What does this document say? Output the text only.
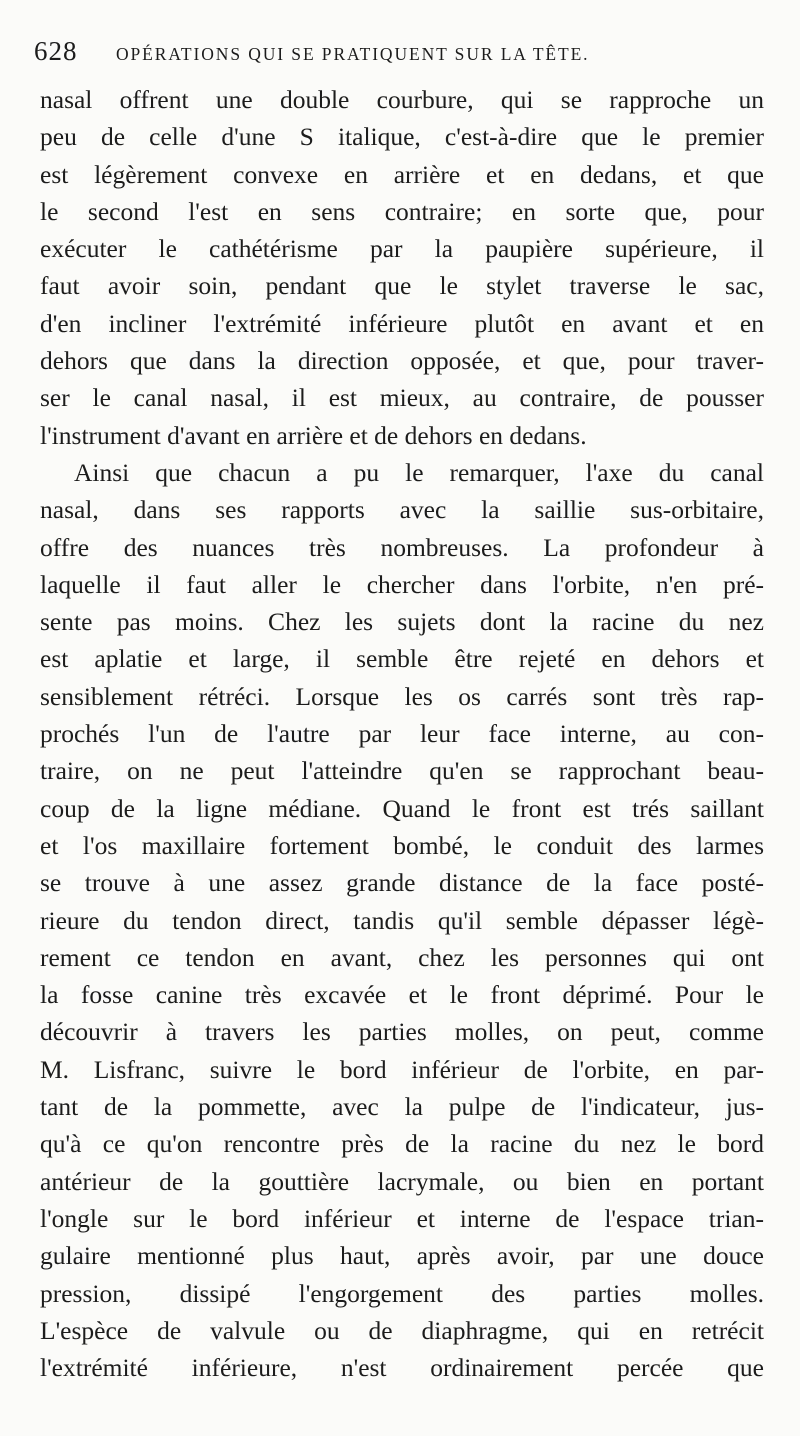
628 OPÉRATIONS QUI SE PRATIQUENT SUR LA TÊTE.
nasal offrent une double courbure, qui se rapproche un
peu de celle d'une S italique, c'est-à-dire que le premier
est légèrement convexe en arrière et en dedans, et que
le second l'est en sens contraire; en sorte que, pour
exécuter le cathétérisme par la paupière supérieure, il
faut avoir soin, pendant que le stylet traverse le sac,
d'en incliner l'extrémité inférieure plutôt en avant et en
dehors que dans la direction opposée, et que, pour traver-
ser le canal nasal, il est mieux, au contraire, de pousser
l'instrument d'avant en arrière et de dehors en dedans.
Ainsi que chacun a pu le remarquer, l'axe du canal
nasal, dans ses rapports avec la saillie sus-orbitaire,
offre des nuances très nombreuses. La profondeur à
laquelle il faut aller le chercher dans l'orbite, n'en pré-
sente pas moins. Chez les sujets dont la racine du nez
est aplatie et large, il semble être rejeté en dehors et
sensiblement rétréci. Lorsque les os carrés sont très rap-
prochés l'un de l'autre par leur face interne, au con-
traire, on ne peut l'atteindre qu'en se rapprochant beau-
coup de la ligne médiane. Quand le front est trés saillant
et l'os maxillaire fortement bombé, le conduit des larmes
se trouve à une assez grande distance de la face posté-
rieure du tendon direct, tandis qu'il semble dépasser légè-
rement ce tendon en avant, chez les personnes qui ont
la fosse canine très excavée et le front déprimé. Pour le
découvrir à travers les parties molles, on peut, comme
M. Lisfranc, suivre le bord inférieur de l'orbite, en par-
tant de la pommette, avec la pulpe de l'indicateur, jus-
qu'à ce qu'on rencontre près de la racine du nez le bord
antérieur de la gouttière lacrymale, ou bien en portant
l'ongle sur le bord inférieur et interne de l'espace trian-
gulaire mentionné plus haut, après avoir, par une douce
pression, dissipé l'engorgement des parties molles.
L'espèce de valvule ou de diaphragme, qui en retrécit
l'extrémité inférieure, n'est ordinairement percée que
